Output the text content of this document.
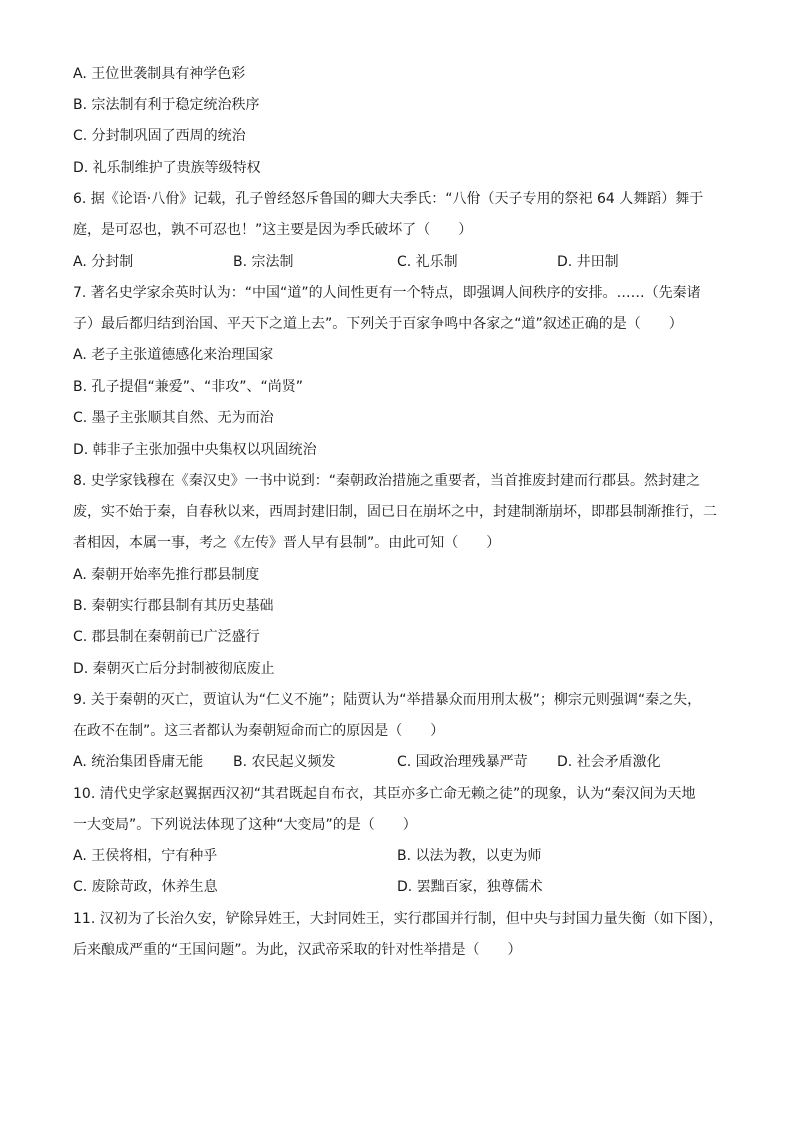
A. 王位世袭制具有神学色彩
B. 宗法制有利于稳定统治秩序
C. 分封制巩固了西周的统治
D. 礼乐制维护了贵族等级特权
6. 据《论语·八佾》记载，孔子曾经怒斥鲁国的卿大夫季氏：“八佾（天子专用的祭祀 64 人舞蹈）舞于
庭，是可忍也，孰不可忍也！”这主要是因为季氏破坏了（　　）
A. 分封制	B. 宗法制	C. 礼乐制	D. 井田制
7. 著名史学家余英时认为：“中国“道”的人间性更有一个特点，即强调人间秩序的安排。……（先秦诸
子）最后都归结到治国、平天下之道上去”。下列关于百家争鸣中各家之“道”叙述正确的是（　　）
A. 老子主张道德感化来治理国家
B. 孔子提倡“兼爱”、“非攻”、“尚贤”
C. 墨子主张顺其自然、无为而治
D. 韩非子主张加强中央集权以巩固统治
8. 史学家钱穆在《秦汉史》一书中说到：“秦朝政治措施之重要者，当首推废封建而行郡县。然封建之
废，实不始于秦，自春秋以来，西周封建旧制，固已日在崩坏之中，封建制渐崩坏，即郡县制渐推行，二
者相因，本属一事，考之《左传》晋人早有县制”。由此可知（　　）
A. 秦朝开始率先推行郡县制度
B. 秦朝实行郡县制有其历史基础
C. 郡县制在秦朝前已广泛盛行
D. 秦朝灭亡后分封制被彻底废止
9. 关于秦朝的灭亡，贾谊认为“仁义不施”；陆贾认为“举措暴众而用刑太极”；柳宗元则强调“秦之失，
在政不在制”。这三者都认为秦朝短命而亡的原因是（　　）
A. 统治集团昏庸无能 B. 农民起义频发	C. 国政治理残暴严苛 D. 社会矛盾激化
10. 清代史学家赵翼据西汉初“其君既起自布衣，其臣亦多亡命无赖之徒”的现象，认为“秦汉间为天地
一大变局”。下列说法体现了这种“大变局”的是（　　）
A. 王侯将相，宁有种乎	B. 以法为教，以吏为师
C. 废除苛政，休养生息	D. 罢黜百家，独尊儒术
11. 汉初为了长治久安，铲除异姓王，大封同姓王，实行郡国并行制，但中央与封国力量失衡（如下图），
后来酿成严重的“王国问题”。为此，汉武帝采取的针对性举措是（　　）
